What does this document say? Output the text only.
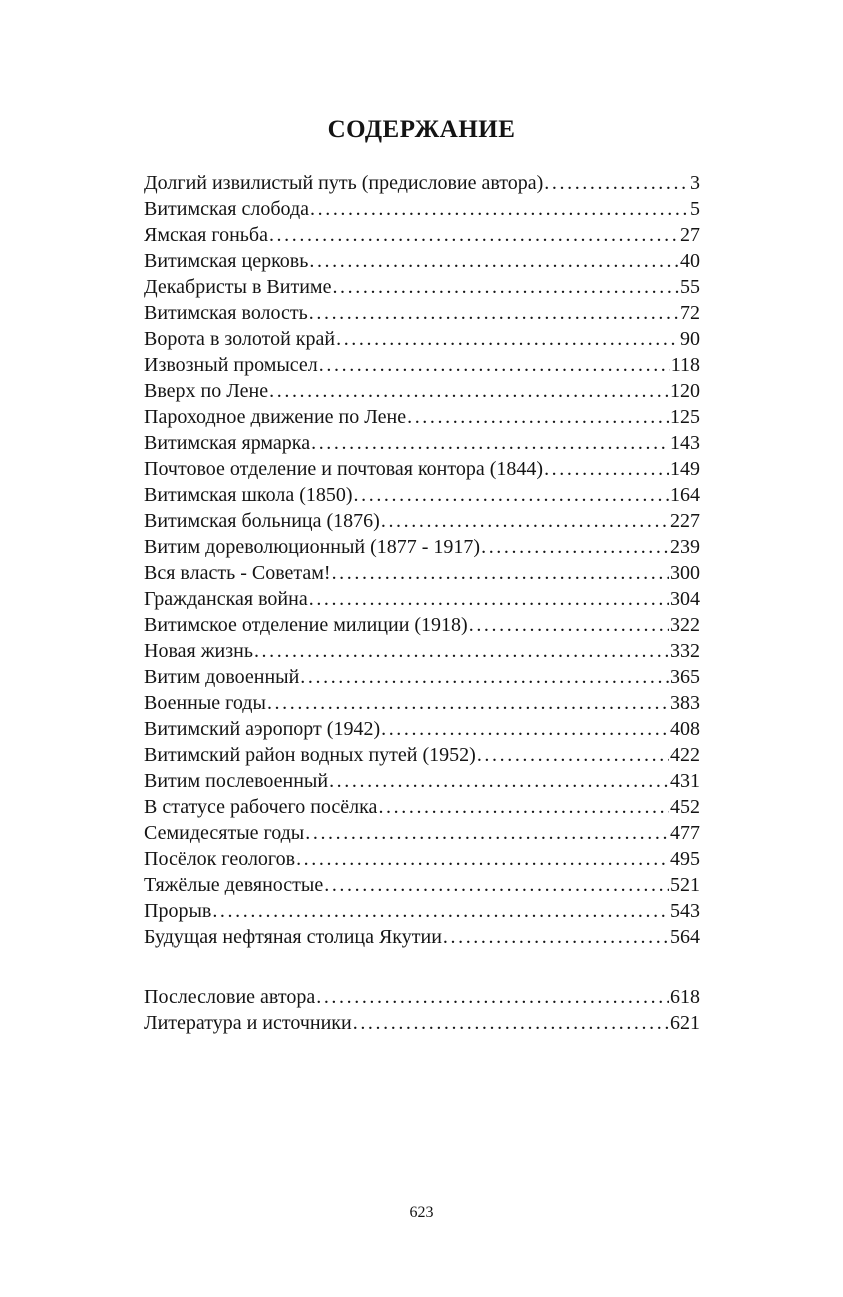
СОДЕРЖАНИЕ
Долгий извилистый путь (предисловие автора) . . .	3
Витимская слобода . . .	5
Ямская гоньба . . .	27
Витимская церковь . . .	40
Декабристы в Витиме . . .	55
Витимская волость . . .	72
Ворота в золотой край . . .	90
Извозный промысел . . .	118
Вверх по Лене . . .	120
Пароходное движение по Лене . . .	125
Витимская ярмарка . . .	143
Почтовое отделение и почтовая контора (1844) . . .	149
Витимская школа (1850) . . .	164
Витимская больница (1876) . . .	227
Витим дореволюционный (1877 - 1917) . . .	239
Вся власть - Советам! . . .	300
Гражданская война . . .	304
Витимское отделение милиции (1918) . . .	322
Новая жизнь . . .	332
Витим довоенный . . .	365
Военные годы . . .	383
Витимский аэропорт (1942) . . .	408
Витимский район водных путей (1952) . . .	422
Витим послевоенный . . .	431
В статусе рабочего посёлка . . .	452
Семидесятые годы . . .	477
Посёлок геологов . . .	495
Тяжёлые девяностые . . .	521
Прорыв . . .	543
Будущая нефтяная столица Якутии . . .	564
Послесловие автора . . .	618
Литература и источники . . .	621
623
